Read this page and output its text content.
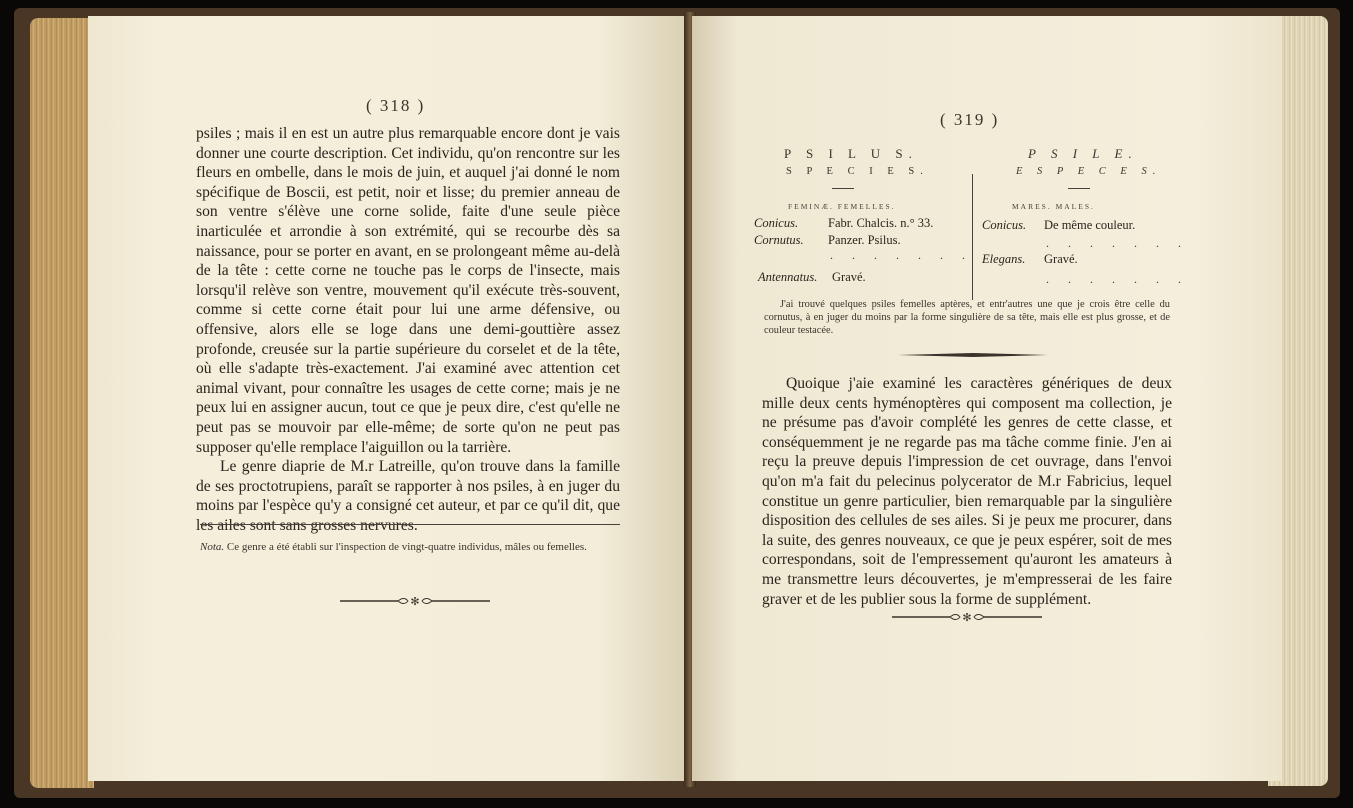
( 318 )

psiles ; mais il en est un autre plus remarquable encore dont je vais donner une courte description. Cet individu, qu'on rencontre sur les fleurs en ombelle, dans le mois de juin, et auquel j'ai donné le nom spécifique de Boscii, est petit, noir et lisse; du premier anneau de son ventre s'élève une corne solide, faite d'une seule pièce inarticulée et arrondie à son extrémité, qui se recourbe dès sa naissance, pour se porter en avant, en se prolongeant même au-delà de la tête : cette corne ne touche pas le corps de l'insecte, mais lorsqu'il relève son ventre, mouvement qu'il exécute très-souvent, comme si cette corne était pour lui une arme défensive, ou offensive, alors elle se loge dans une demi-gouttière assez profonde, creusée sur la partie supérieure du corselet et de la tête, où elle s'adapte très-exactement. J'ai examiné avec attention cet animal vivant, pour connaître les usages de cette corne; mais je ne peux lui en assigner aucun, tout ce que je peux dire, c'est qu'elle ne peut pas se mouvoir par elle-même; de sorte qu'on ne peut pas supposer qu'elle remplace l'aiguillon ou la tarrière.

Le genre diaprie de M.r Latreille, qu'on trouve dans la famille de ses proctotrupiens, paraît se rapporter à nos psiles, à en juger du moins par l'espèce qu'y a consigné cet auteur, et par ce qu'il dit, que les ailes sont sans grosses nervures.

Nota. Ce genre a été établi sur l'inspection de vingt-quatre individus, mâles ou femelles.
✻
( 319 )
P S I L U S.
S P E C I E S.
P S I L E.
E S P E C E S.
FEMINÆ. FEMELLES.	MARES. MALES.
Conicus. Fabr. Chalcis. n.° 33.
Cornutus. Panzer. Psilus.
. . . . . . .
Antennatus. Gravé.
Conicus. De même couleur.
. . . . . . .
Elegans. Gravé.
. . . . . . .
J'ai trouvé quelques psiles femelles aptères, et entr'autres une que je crois être celle du cornutus, à en juger du moins par la forme singulière de sa tête, mais elle est plus grosse, et de couleur testacée.
Quoique j'aie examiné les caractères génériques de deux mille deux cents hyménoptères qui composent ma collection, je ne présume pas d'avoir complété les genres de cette classe, et conséquemment je ne regarde pas ma tâche comme finie. J'en ai reçu la preuve depuis l'impression de cet ouvrage, dans l'envoi qu'on m'a fait du pelecinus polycerator de M.r Fabricius, lequel constitue un genre particulier, bien remarquable par la singulière disposition des cellules de ses ailes. Si je peux me procurer, dans la suite, des genres nouveaux, ce que je peux espérer, soit de mes correspondans, soit de l'empressement qu'auront les amateurs à me transmettre leurs découvertes, je m'empresserai de les faire graver et de les publier sous la forme de supplément.
✻
